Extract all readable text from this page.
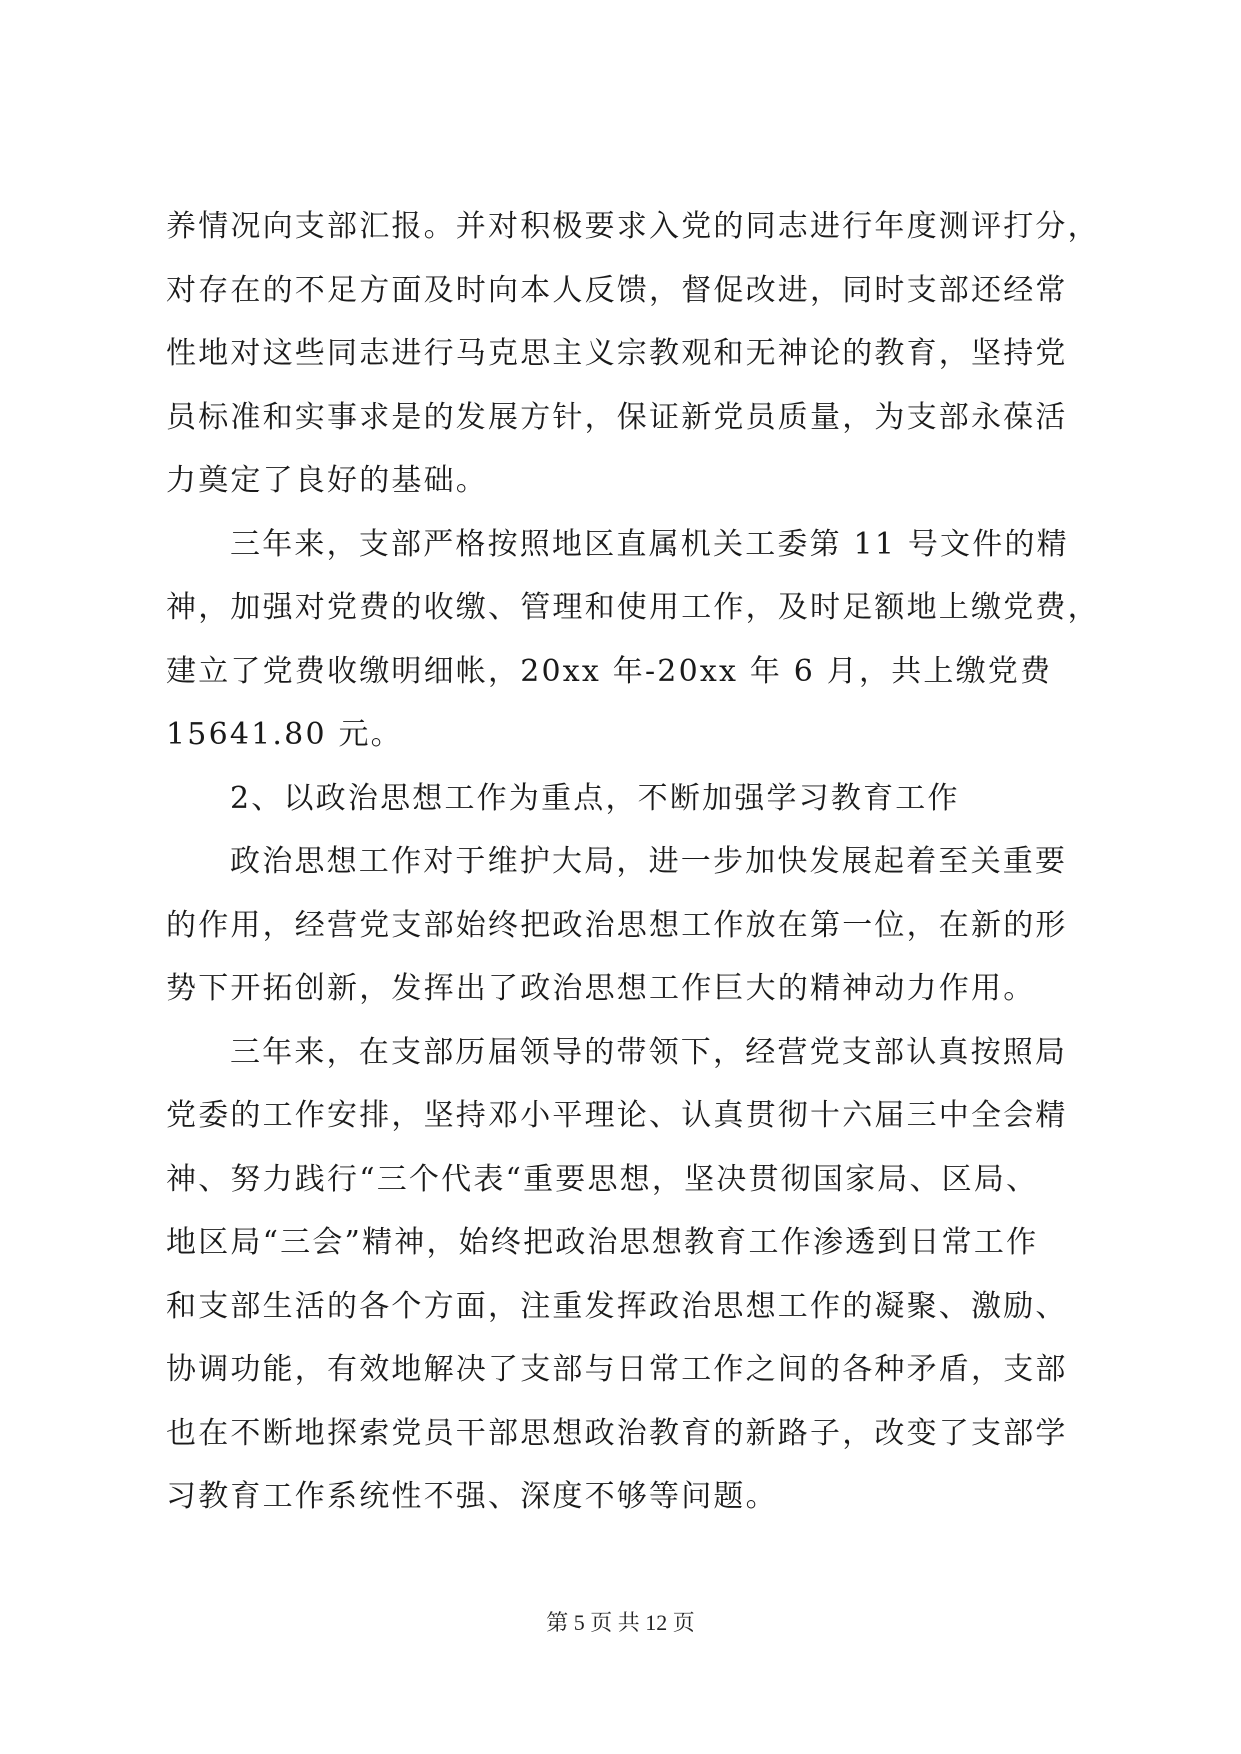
养情况向支部汇报。并对积极要求入党的同志进行年度测评打分，
对存在的不足方面及时向本人反馈，督促改进，同时支部还经常
性地对这些同志进行马克思主义宗教观和无神论的教育，坚持党
员标准和实事求是的发展方针，保证新党员质量，为支部永葆活
力奠定了良好的基础。
三年来，支部严格按照地区直属机关工委第 11 号文件的精
神，加强对党费的收缴、管理和使用工作，及时足额地上缴党费，
建立了党费收缴明细帐，20xx 年-20xx 年 6 月，共上缴党费
15641.80 元。
2、以政治思想工作为重点，不断加强学习教育工作
政治思想工作对于维护大局，进一步加快发展起着至关重要
的作用，经营党支部始终把政治思想工作放在第一位，在新的形
势下开拓创新，发挥出了政治思想工作巨大的精神动力作用。
三年来，在支部历届领导的带领下，经营党支部认真按照局
党委的工作安排，坚持邓小平理论、认真贯彻十六届三中全会精
神、努力践行“三个代表“重要思想，坚决贯彻国家局、区局、
地区局“三会”精神，始终把政治思想教育工作渗透到日常工作
和支部生活的各个方面，注重发挥政治思想工作的凝聚、激励、
协调功能，有效地解决了支部与日常工作之间的各种矛盾，支部
也在不断地探索党员干部思想政治教育的新路子，改变了支部学
习教育工作系统性不强、深度不够等问题。
第 5 页 共 12 页
